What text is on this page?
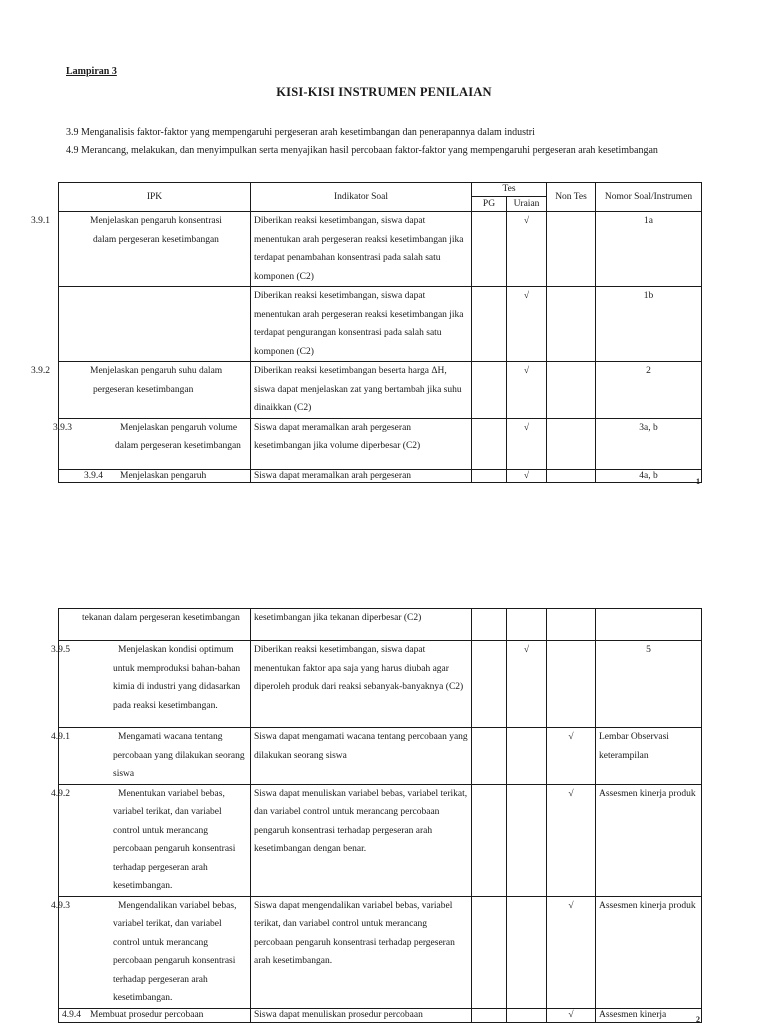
Lampiran 3
KISI-KISI INSTRUMEN PENILAIAN
3.9 Menganalisis faktor-faktor yang mempengaruhi pergeseran arah kesetimbangan dan penerapannya dalam industri
4.9 Merancang, melakukan, dan menyimpulkan serta menyajikan hasil percobaan faktor-faktor yang mempengaruhi pergeseran arah kesetimbangan
IPK	Indikator Soal	Tes		Non Tes	Nomor Soal/Instrumen
		PG	Uraian		

3.9.1 Menjelaskan pengaruh konsentrasi dalam pergeseran kesetimbangan	Diberikan reaksi kesetimbangan, siswa dapat menentukan arah pergeseran reaksi kesetimbangan jika terdapat penambahan konsentrasi pada salah satu komponen (C2)		√		1a
	Diberikan reaksi kesetimbangan, siswa dapat menentukan arah pergeseran reaksi kesetimbangan jika terdapat pengurangan konsentrasi pada salah satu komponen (C2)		√		1b

3.9.2 Menjelaskan pengaruh suhu dalam pergeseran kesetimbangan	Diberikan reaksi kesetimbangan beserta harga ΔH, siswa dapat menjelaskan zat yang bertambah jika suhu dinaikkan (C2)		√		2

3.9.3 Menjelaskan pengaruh volume dalam pergeseran kesetimbangan	Siswa dapat meramalkan arah pergeseran kesetimbangan jika volume diperbesar (C2)		√		3a, b
3.9.4 Menjelaskan pengaruh	Siswa dapat meramalkan arah pergeseran		√		4a, b
1
tekanan dalam pergeseran kesetimbangan	kesetimbangan jika tekanan diperbesar (C2)				

3.9.5 Menjelaskan kondisi optimum untuk memproduksi bahan-bahan kimia di industri yang didasarkan pada reaksi kesetimbangan.	Diberikan reaksi kesetimbangan, siswa dapat menentukan faktor apa saja yang harus diubah agar diperoleh produk dari reaksi sebanyak-banyaknya (C2)		√		5

4.9.1 Mengamati wacana tentang percobaan yang dilakukan seorang siswa	Siswa dapat mengamati wacana tentang percobaan yang dilakukan seorang siswa			√	Lembar Observasi keterampilan

4.9.2 Menentukan variabel bebas, variabel terikat, dan variabel control untuk merancang percobaan pengaruh konsentrasi terhadap pergeseran arah kesetimbangan.	Siswa dapat menuliskan variabel bebas, variabel terikat, dan variabel control untuk merancang percobaan pengaruh konsentrasi terhadap pergeseran arah kesetimbangan dengan benar.			√	Assesmen kinerja produk

4.9.3 Mengendalikan variabel bebas, variabel terikat, dan variabel control untuk merancang percobaan pengaruh konsentrasi terhadap pergeseran arah kesetimbangan.	Siswa dapat mengendalikan variabel bebas, variabel terikat, dan variabel control untuk merancang percobaan pengaruh konsentrasi terhadap pergeseran arah kesetimbangan.			√	Assesmen kinerja produk
4.9.4 Membuat prosedur percobaan	Siswa dapat menuliskan prosedur percobaan			√	Assesmen kinerja	2
